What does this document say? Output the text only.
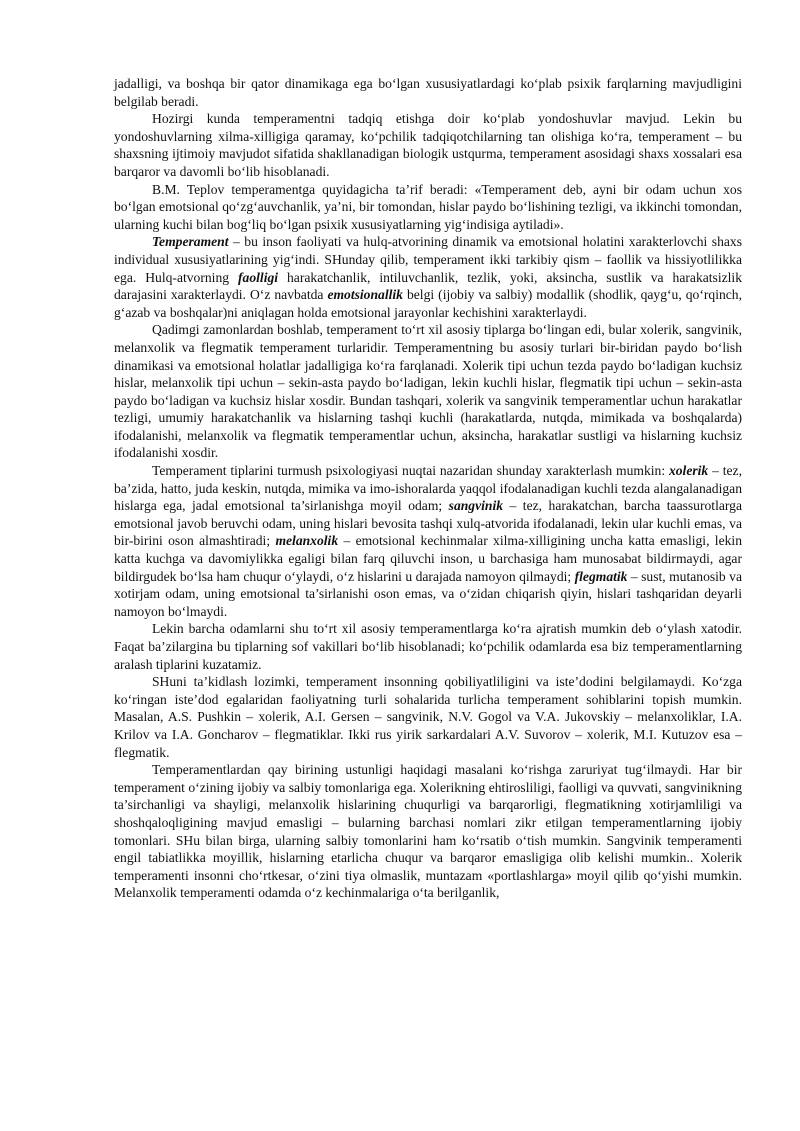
jadalligi, va boshqa bir qator dinamikaga ega bo‘lgan xususiyatlardagi ko‘plab psixik farqlarning mavjudligini belgilab beradi.

Hozirgi kunda temperamentni tadqiq etishga doir ko‘plab yondoshuvlar mavjud. Lekin bu yondoshuvlarning xilma-xilligiga qaramay, ko‘pchilik tadqiqotchilarning tan olishiga ko‘ra, temperament – bu shaxsning ijtimoiy mavjudot sifatida shakllanadigan biologik ustqurma, temperament asosidagi shaxs xossalari esa barqaror va davomli bo‘lib hisoblanadi.

B.M. Teplov temperamentga quyidagicha ta’rif beradi: «Temperament deb, ayni bir odam uchun xos bo‘lgan emotsional qo‘zg‘auvchanlik, ya’ni, bir tomondan, hislar paydo bo‘lishining tezligi, va ikkinchi tomondan, ularning kuchi bilan bog‘liq bo‘lgan psixik xususiyatlarning yig‘indisiga aytiladi».

Temperament – bu inson faoliyati va hulq-atvorining dinamik va emotsional holatini xarakterlovchi shaxs individual xususiyatlarining yig‘indi. SHunday qilib, temperament ikki tarkibiy qism – faollik va hissiyotlilikka ega. Hulq-atvorning faolligi harakatchanlik, intiluvchanlik, tezlik, yoki, aksincha, sustlik va harakatsizlik darajasini xarakterlaydi. O‘z navbatda emotsionallik belgi (ijobiy va salbiy) modallik (shodlik, qayg‘u, qo‘rqinch, g‘azab va boshqalar)ni aniqlagan holda emotsional jarayonlar kechishini xarakterlaydi.

Qadimgi zamonlardan boshlab, temperament to‘rt xil asosiy tiplarga bo‘lingan edi, bular xolerik, sangvinik, melanxolik va flegmatik temperament turlaridir. Temperamentning bu asosiy turlari bir-biridan paydo bo‘lish dinamikasi va emotsional holatlar jadalligiga ko‘ra farqlanadi. Xolerik tipi uchun tezda paydo bo‘ladigan kuchsiz hislar, melanxolik tipi uchun – sekin-asta paydo bo‘ladigan, lekin kuchli hislar, flegmatik tipi uchun – sekin-asta paydo bo‘ladigan va kuchsiz hislar xosdir. Bundan tashqari, xolerik va sangvinik temperamentlar uchun harakatlar tezligi, umumiy harakatchanlik va hislarning tashqi kuchli (harakatlarda, nutqda, mimikada va boshqalarda) ifodalanishi, melanxolik va flegmatik temperamentlar uchun, aksincha, harakatlar sustligi va hislarning kuchsiz ifodalanishi xosdir.

Temperament tiplarini turmush psixologiyasi nuqtai nazaridan shunday xarakterlash mumkin: xolerik – tez, ba’zida, hatto, juda keskin, nutqda, mimika va imo-ishoralarda yaqqol ifodalanadigan kuchli tezda alangalanadigan hislarga ega, jadal emotsional ta’sirlanishga moyil odam; sangvinik – tez, harakatchan, barcha taassurotlarga emotsional javob beruvchi odam, uning hislari bevosita tashqi xulq-atvorida ifodalanadi, lekin ular kuchli emas, va bir-birini oson almashtiradi; melanxolik – emotsional kechinmalar xilma-xilligining uncha katta emasligi, lekin katta kuchga va davomiylikka egaligi bilan farq qiluvchi inson, u barchasiga ham munosabat bildirmaydi, agar bildirgudek bo‘lsa ham chuqur o‘ylaydi, o‘z hislarini u darajada namoyon qilmaydi; flegmatik – sust, mutanosib va xotirjam odam, uning emotsional ta’sirlanishi oson emas, va o‘zidan chiqarish qiyin, hislari tashqaridan deyarli namoyon bo‘lmaydi.

Lekin barcha odamlarni shu to‘rt xil asosiy temperamentlarga ko‘ra ajratish mumkin deb o‘ylash xatodir. Faqat ba’zilargina bu tiplarning sof vakillari bo‘lib hisoblanadi; ko‘pchilik odamlarda esa biz temperamentlarning aralash tiplarini kuzatamiz.

SHuni ta’kidlash lozimki, temperament insonning qobiliyatliligini va iste’dodini belgilamaydi. Ko‘zga ko‘ringan iste’dod egalaridan faoliyatning turli sohalarida turlicha temperament sohiblarini topish mumkin. Masalan, A.S. Pushkin – xolerik, A.I. Gersen – sangvinik, N.V. Gogol va V.A. Jukovskiy – melanxoliklar, I.A. Krilov va I.A. Goncharov – flegmatiklar. Ikki rus yirik sarkardalari A.V. Suvorov – xolerik, M.I. Kutuzov esa – flegmatik.

Temperamentlardan qay birining ustunligi haqidagi masalani ko‘rishga zaruriyat tug‘ilmaydi. Har bir temperament o‘zining ijobiy va salbiy tomonlariga ega. Xolerikning ehtirosliligi, faolligi va quvvati, sangvinikning ta’sirchanligi va shayligi, melanxolik hislarining chuqurligi va barqarorligi, flegmatikning xotirjamliligi va shoshqaloqligining mavjud emasligi – bularning barchasi nomlari zikr etilgan temperamentlarning ijobiy tomonlari. SHu bilan birga, ularning salbiy tomonlarini ham ko‘rsatib o‘tish mumkin. Sangvinik temperamenti engil tabiatlikka moyillik, hislarning etarlicha chuqur va barqaror emasligiga olib kelishi mumkin.. Xolerik temperamenti insonni cho‘rtkesar, o‘zini tiya olmaslik, muntazam «portlashlarga» moyil qilib qo‘yishi mumkin. Melanxolik temperamenti odamda o‘z kechinmalariga o‘ta berilganlik,
